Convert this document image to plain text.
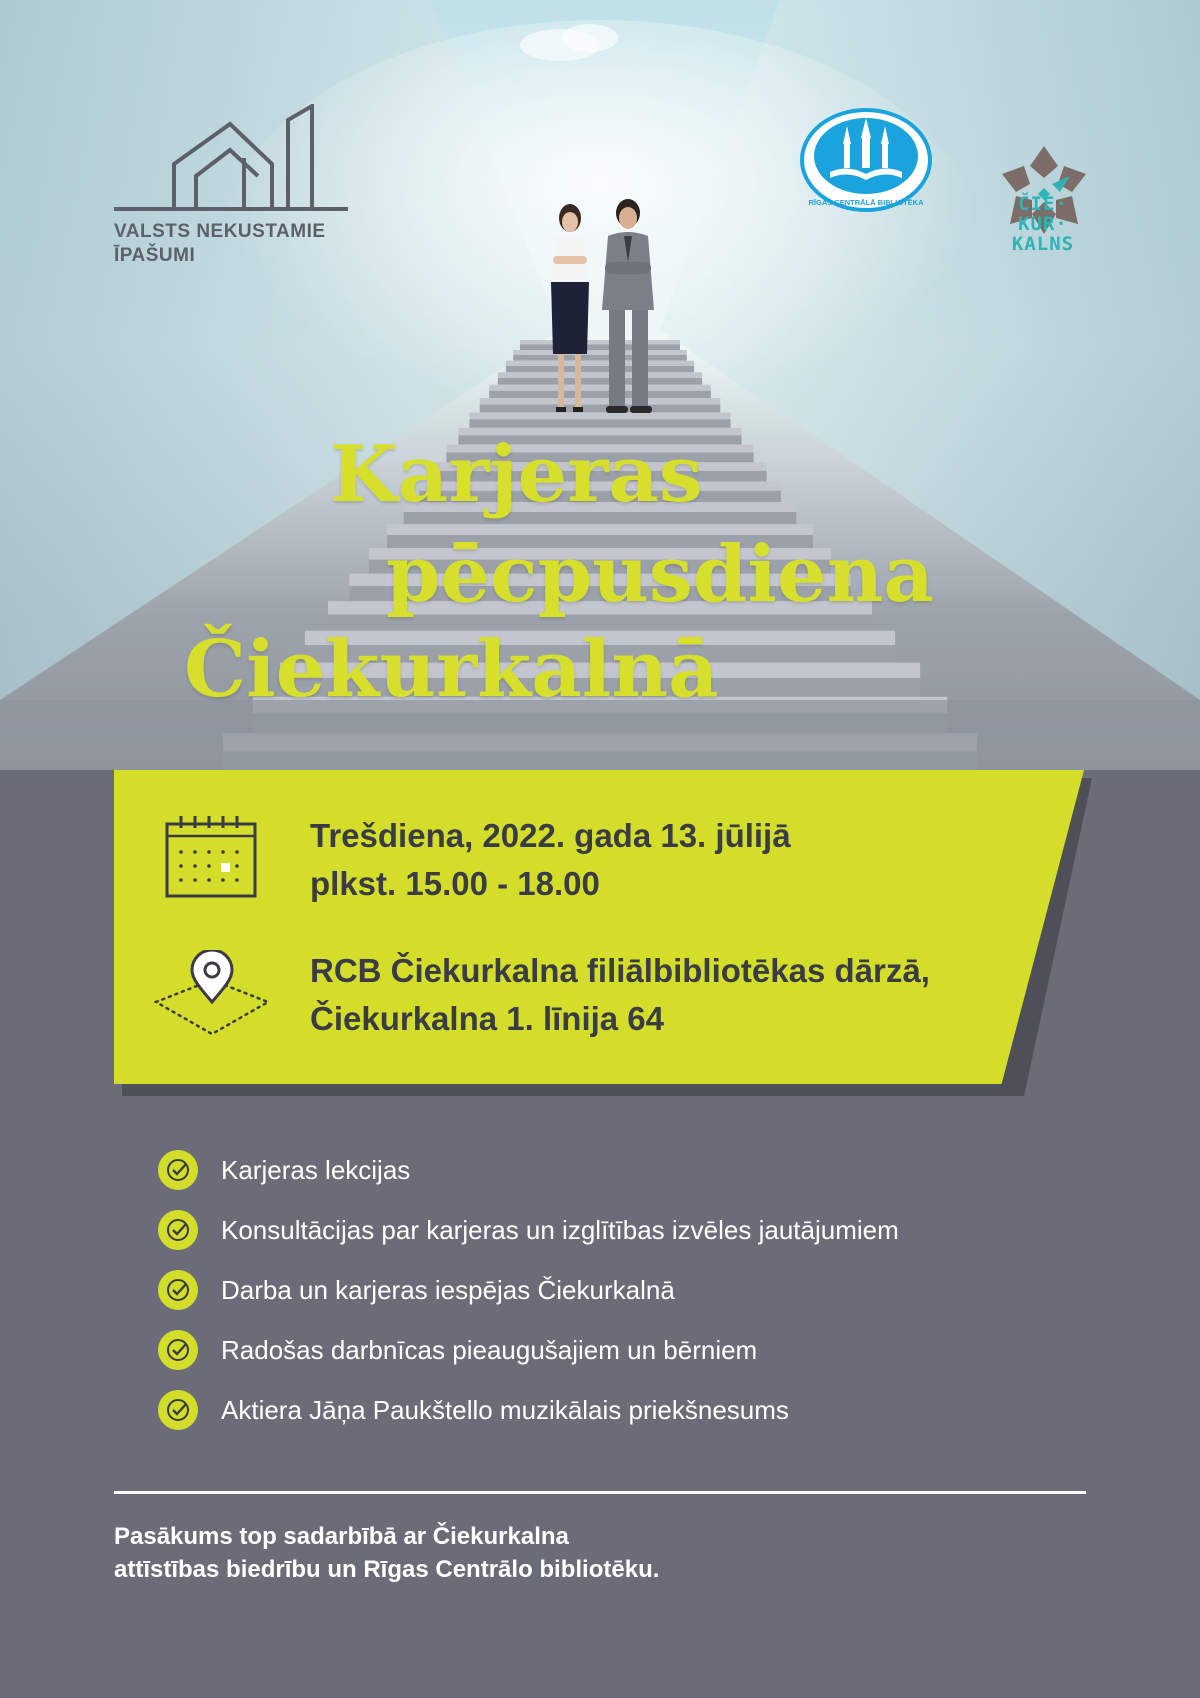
VALSTS NEKUSTAMIE
ĪPAŠUMI
RĪGAS CENTRĀLĀ BIBLIOTĒKA	ČIE·
KUR·
KALNS
Karjeras
pēcpusdiena
Čiekurkalnā
Trešdiena, 2022. gada 13. jūlijā
plkst. 15.00 - 18.00
RCB Čiekurkalna filiālbibliotēkas dārzā,
Čiekurkalna 1. līnija 64
Karjeras lekcijas
Konsultācijas par karjeras un izglītības izvēles jautājumiem
Darba un karjeras iespējas Čiekurkalnā
Radošas darbnīcas pieaugušajiem un bērniem
Aktiera Jāņa Paukštello muzikālais priekšnesums
Pasākums top sadarbībā ar Čiekurkalna
attīstības biedrību un Rīgas Centrālo bibliotēku.
